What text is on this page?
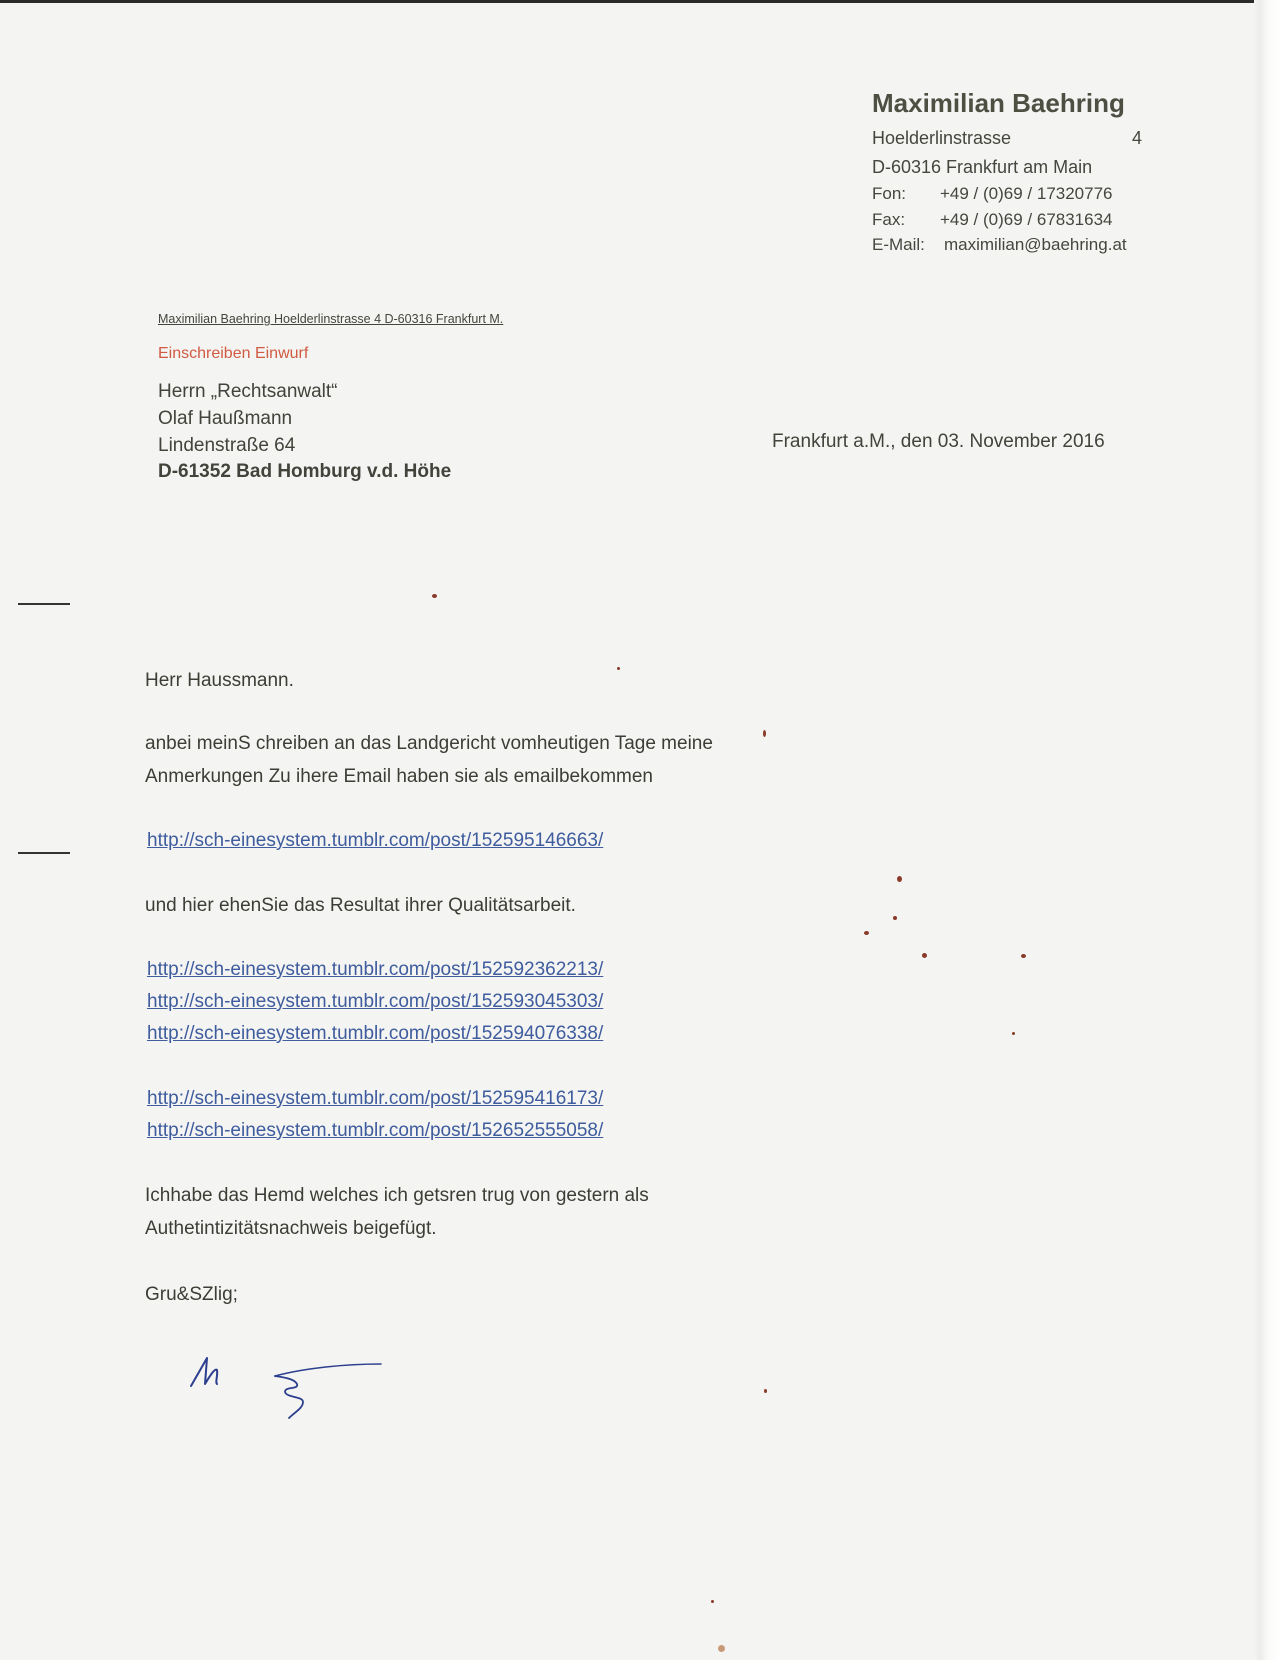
Maximilian Baehring
Hoelderlinstrasse	4
D-60316 Frankfurt am Main
Fon: +49 / (0)69 / 17320776
Fax: +49 / (0)69 / 67831634
E-Mail: maximilian@baehring.at
Maximilian Baehring Hoelderlinstrasse 4 D-60316 Frankfurt M.
Einschreiben Einwurf
Herrn „Rechtsanwalt“
Olaf Haußmann
Lindenstraße 64
D-61352 Bad Homburg v.d. Höhe
Frankfurt a.M., den 03. November 2016
Herr Haussmann.
anbei meinS chreiben an das Landgericht vomheutigen Tage meine
Anmerkungen Zu ihere Email haben sie als emailbekommen
http://sch-einesystem.tumblr.com/post/152595146663/
und hier ehenSie das Resultat ihrer Qualitätsarbeit.
http://sch-einesystem.tumblr.com/post/152592362213/
http://sch-einesystem.tumblr.com/post/152593045303/
http://sch-einesystem.tumblr.com/post/152594076338/
http://sch-einesystem.tumblr.com/post/152595416173/
http://sch-einesystem.tumblr.com/post/152652555058/
Ichhabe das Hemd welches ich getsren trug von gestern als
Authetintizitätsnachweis beigefügt.
Gru&SZlig;
